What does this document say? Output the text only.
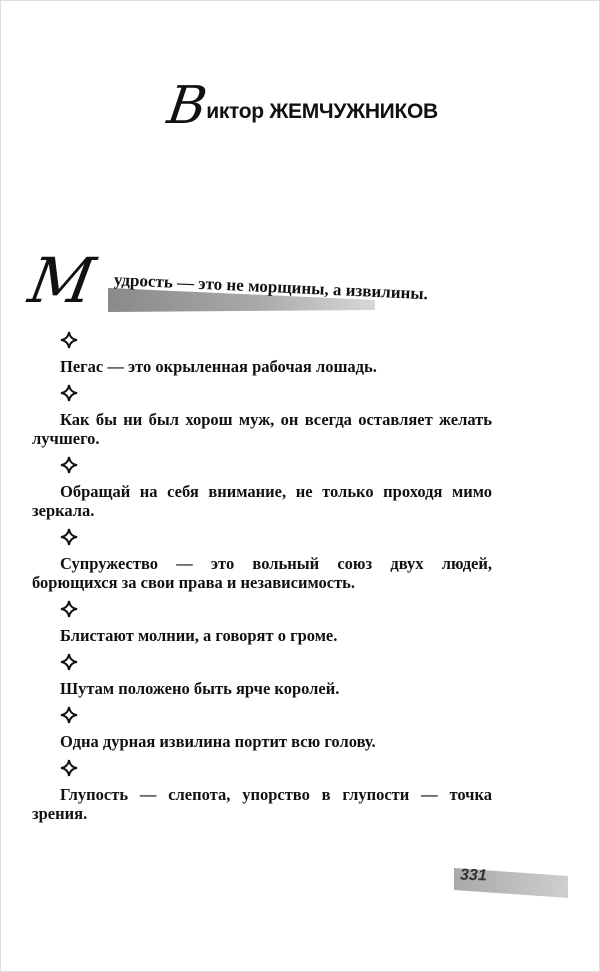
В
иктор ЖЕМЧУЖНИКОВ
М удрость — это не морщины, а извилины.

Пегас — это окрыленная рабочая лошадь.

Как бы ни был хорош муж, он всегда оставляет желать лучшего.

Обращай на себя внимание, не только проходя мимо зеркала.

Супружество — это вольный союз двух людей, борющихся за свои права и независимость.

Блистают молнии, а говорят о громе.

Шутам положено быть ярче королей.

Одна дурная извилина портит всю голову.

Глупость — слепота, упорство в глупости — точка зрения.

331
